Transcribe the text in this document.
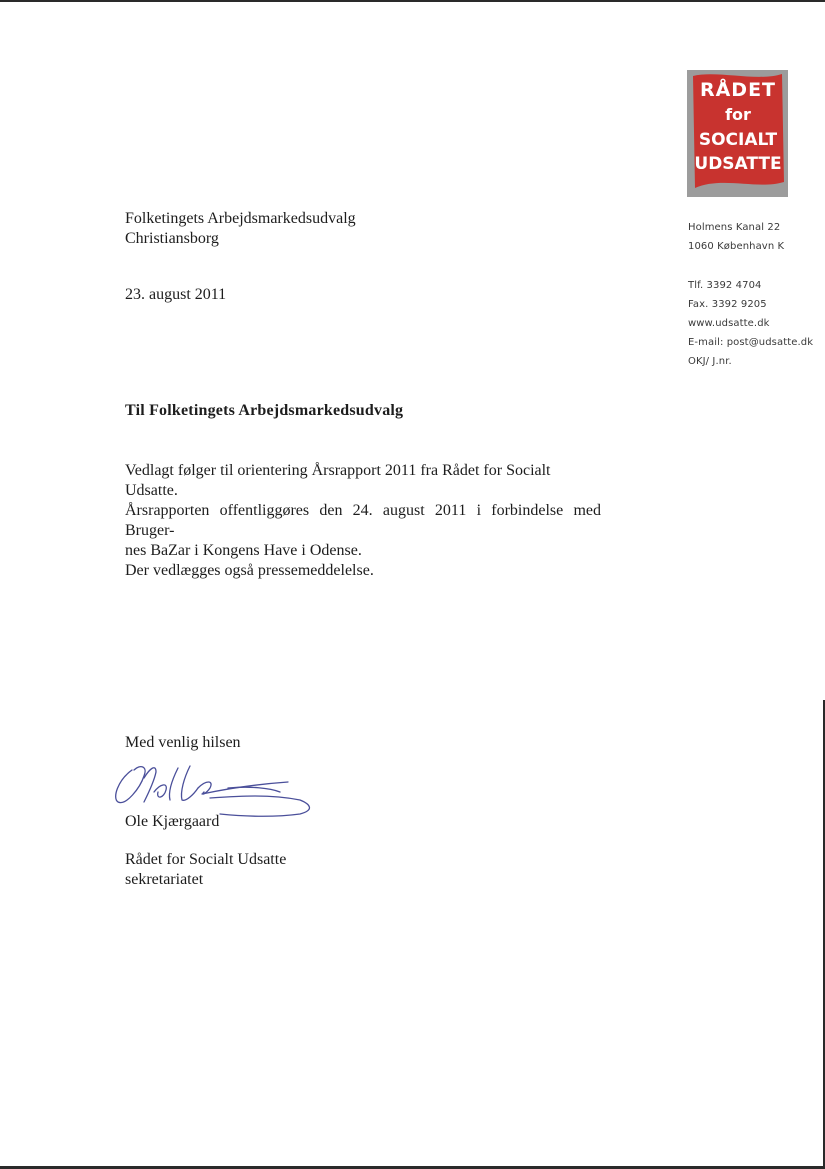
RÅDET
for
SOCIALT
UDSATTE
Holmens Kanal 22
1060 København K
Tlf. 3392 4704
Fax. 3392 9205
www.udsatte.dk
E-mail: post@udsatte.dk
OKJ/ J.nr.
Folketingets Arbejdsmarkedsudvalg
Christiansborg
23. august 2011
Til Folketingets Arbejdsmarkedsudvalg
Vedlagt følger til orientering Årsrapport 2011 fra Rådet for Socialt Udsatte.
Årsrapporten offentliggøres den 24. august 2011 i forbindelse med Bruger-
nes BaZar i Kongens Have i Odense.
Der vedlægges også pressemeddelelse.
Med venlig hilsen
Ole Kjærgaard
Rådet for Socialt Udsatte
sekretariatet
